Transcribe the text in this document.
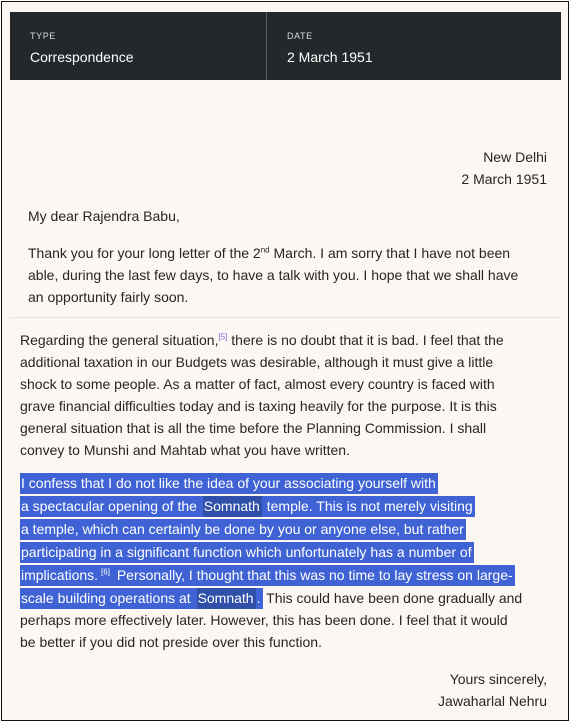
TYPE
Correspondence
DATE
2 March 1951
New Delhi
2 March 1951
My dear Rajendra Babu,
Thank you for your long letter of the 2nd March. I am sorry that I have not been
able, during the last few days, to have a talk with you. I hope that we shall have
an opportunity fairly soon.
Regarding the general situation,[5] there is no doubt that it is bad. I feel that the
additional taxation in our Budgets was desirable, although it must give a little
shock to some people. As a matter of fact, almost every country is faced with
grave financial difficulties today and is taxing heavily for the purpose. It is this
general situation that is all the time before the Planning Commission. I shall
convey to Munshi and Mahtab what you have written.
I confess that I do not like the idea of your associating yourself with
a spectacular opening of the Somnath temple. This is not merely visiting
a temple, which can certainly be done by you or anyone else, but rather
participating in a significant function which unfortunately has a number of
implications. [6] Personally, I thought that this was no time to lay stress on large-
scale building operations at Somnath . This could have been done gradually and
perhaps more effectively later. However, this has been done. I feel that it would
be better if you did not preside over this function.
Yours sincerely,
Jawaharlal Nehru
